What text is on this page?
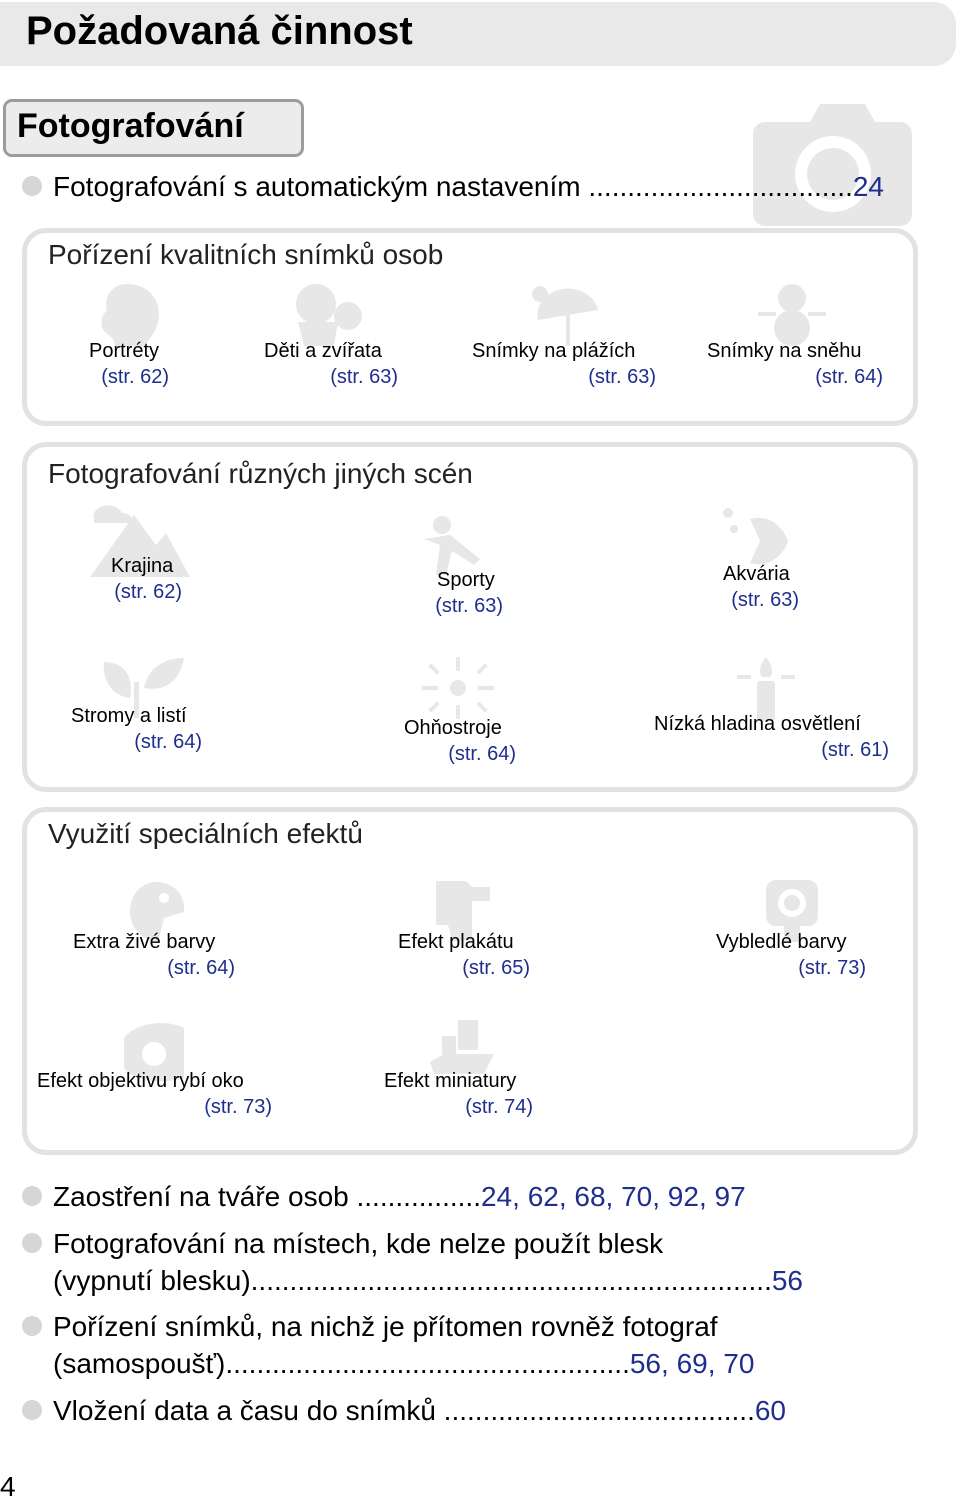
Požadovaná činnost
Fotografování
Fotografování s automatickým nastavením ..................................24
Pořízení kvalitních snímků osob
Portréty
(str. 62)
Děti a zvířata
(str. 63)
Snímky na plážích
(str. 63)
Snímky na sněhu
(str. 64)
Fotografování různých jiných scén
Krajina
(str. 62)
Sporty
(str. 63)
Akvária
(str. 63)
Stromy a listí
(str. 64)
Ohňostroje
(str. 64)
Nízká hladina osvětlení
(str. 61)
Využití speciálních efektů
Extra živé barvy
(str. 64)
Efekt plakátu
(str. 65)
Vybledlé barvy
(str. 73)
Efekt objektivu rybí oko
(str. 73)
Efekt miniatury
(str. 74)
Zaostření na tváře osob ................24, 62, 68, 70, 92, 97
Fotografování na místech, kde nelze použít blesk
(vypnutí blesku)...................................................................56
Pořízení snímků, na nichž je přítomen rovněž fotograf
(samospoušť)....................................................56, 69, 70
Vložení data a času do snímků ........................................60
4
